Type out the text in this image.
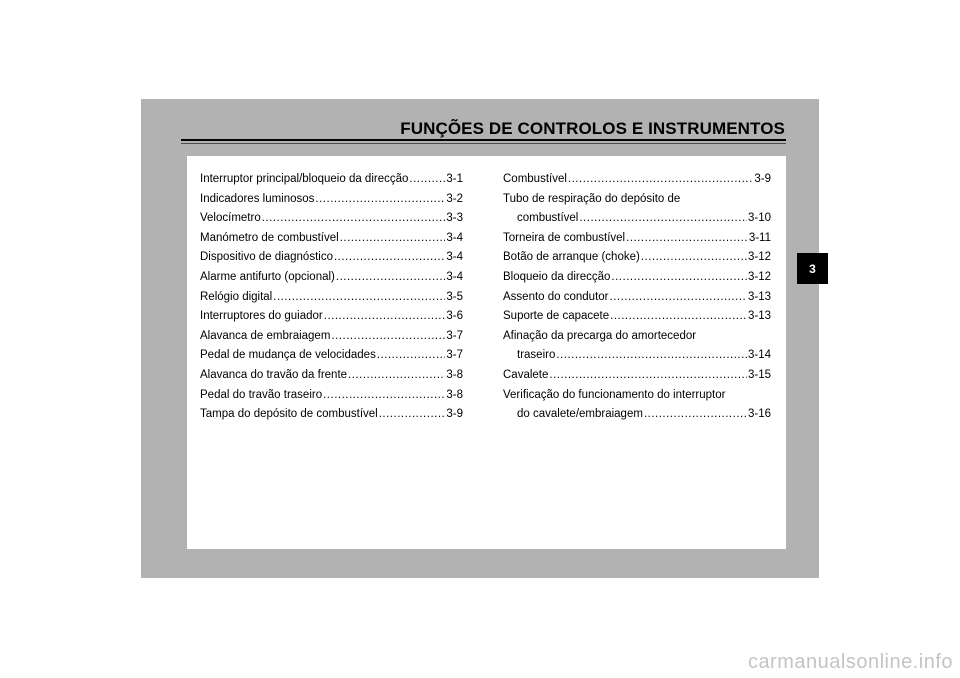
FUNÇÕES DE CONTROLOS E INSTRUMENTOS
Interruptor principal/bloqueio da direcção .....	3-1
Indicadores luminosos .....	3-2
Velocímetro .....	3-3
Manómetro de combustível .....	3-4
Dispositivo de diagnóstico .....	3-4
Alarme antifurto (opcional) .....	3-4
Relógio digital .....	3-5
Interruptores do guiador .....	3-6
Alavanca de embraiagem .....	3-7
Pedal de mudança de velocidades .....	3-7
Alavanca do travão da frente .....	3-8
Pedal do travão traseiro .....	3-8
Tampa do depósito de combustível .....	3-9
Combustível .....	3-9
Tubo de respiração do depósito de
combustível .....	3-10
Torneira de combustível .....	3-11
Botão de arranque (choke) .....	3-12
Bloqueio da direcção .....	3-12
Assento do condutor .....	3-13
Suporte de capacete .....	3-13
Afinação da precarga do amortecedor
traseiro .....	3-14
Cavalete .....	3-15
Verificação do funcionamento do interruptor
do cavalete/embraiagem .....	3-16
3
carmanualsonline.info
